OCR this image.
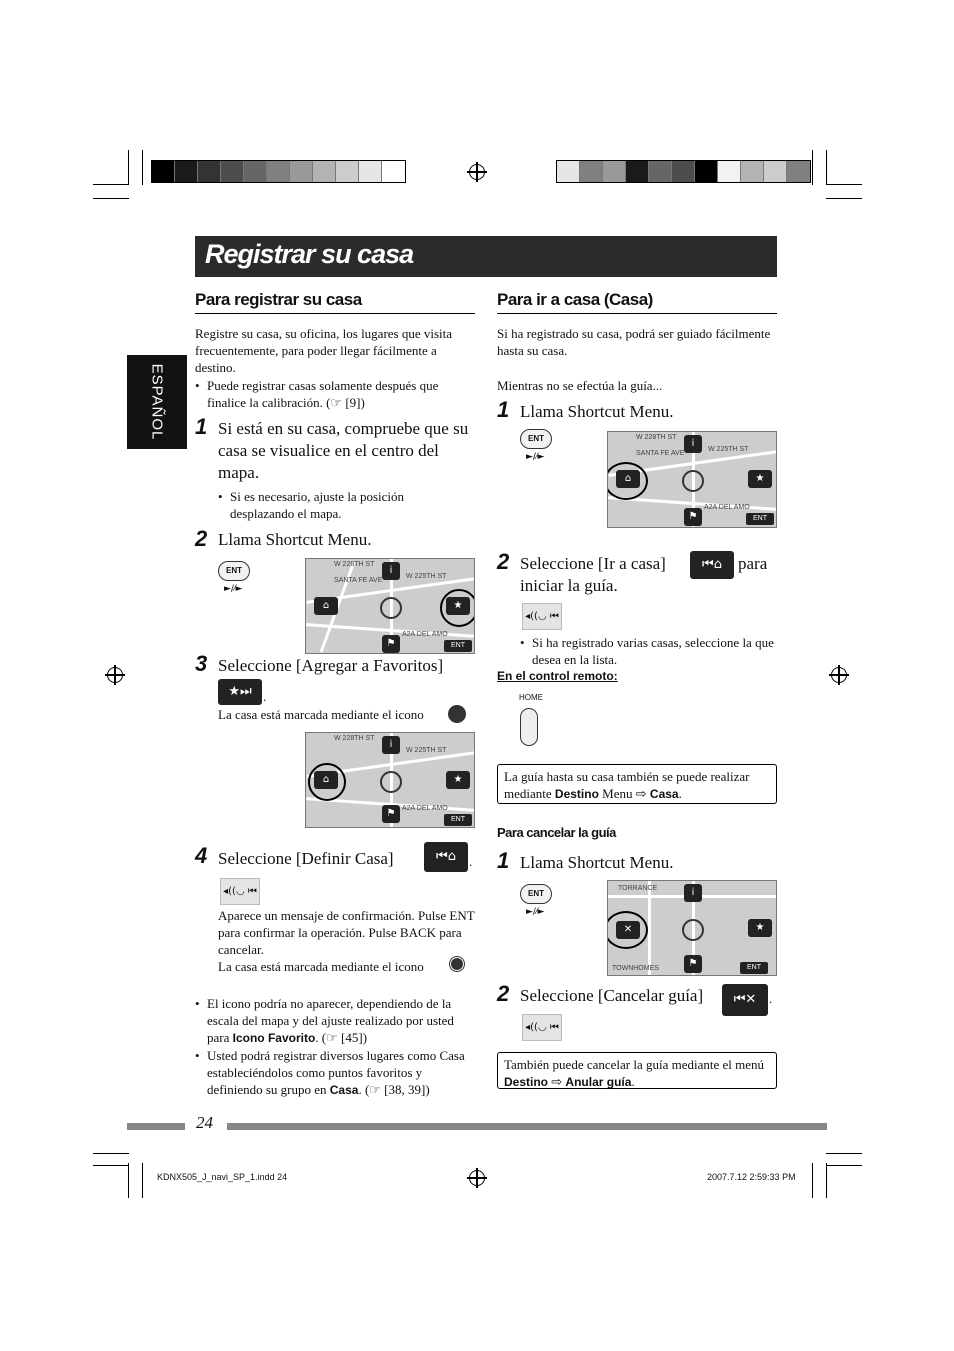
Registrar su casa
ESPAÑOL
Para registrar su casa
Registre su casa, su oficina, los lugares que visita frecuentemente, para poder llegar fácilmente a destino.
• Puede registrar casas solamente después que finalice la calibración. (☞ [9])
1 Si está en su casa, compruebe que su casa se visualice en el centro del mapa.
• Si es necesario, ajuste la posición desplazando el mapa.
2 Llama Shortcut Menu.
ENT
►/⁄►
W 228TH ST
SANTA FE AVE
W 225TH ST
A2A DEL AMO
i
⌂	★
⚑	ENT
3 Seleccione [Agregar a Favoritos]
★⏭ .
La casa está marcada mediante el icono
W 228TH ST
W 225TH ST
A2A DEL AMO
i
⌂	★
⚑
ENT
4 Seleccione [Definir Casa]	⏮⌂	.
◂((◡ ⏮
Aparece un mensaje de confirmación. Pulse ENT para confirmar la operación. Pulse BACK para cancelar.
La casa está marcada mediante el icono
• El icono podría no aparecer, dependiendo de la escala del mapa y del ajuste realizado por usted para Icono Favorito. (☞ [45])
• Usted podrá registrar diversos lugares como Casa estableciéndolos como puntos favoritos y definiendo su grupo en Casa. (☞ [38, 39])
Para ir a casa (Casa)
Si ha registrado su casa, podrá ser guiado fácilmente hasta su casa.
Mientras no se efectúa la guía...
1 Llama Shortcut Menu.
ENT
►/⁄►
W 228TH ST
SANTA FE AVE
W 225TH ST
A2A DEL AMO
i
⌂	★
⚑	ENT
2 Seleccione [Ir a casa]	⏮⌂ para iniciar la guía.
◂((◡ ⏮
• Si ha registrado varias casas, seleccione la que desea en la lista.
En el control remoto:
HOME
La guía hasta su casa también se puede realizar mediante Destino Menu ⇨ Casa.
Para cancelar la guía
1 Llama Shortcut Menu.
ENT
►/⁄►
TORRANCE
TOWNHOMES
i
✕	★
⚑	ENT
2 Seleccione [Cancelar guía]	⏮✕ .
◂((◡ ⏮
También puede cancelar la guía mediante el menú Destino ⇨ Anular guía.
24
KDNX505_J_navi_SP_1.indd 24	2007.7.12 2:59:33 PM
